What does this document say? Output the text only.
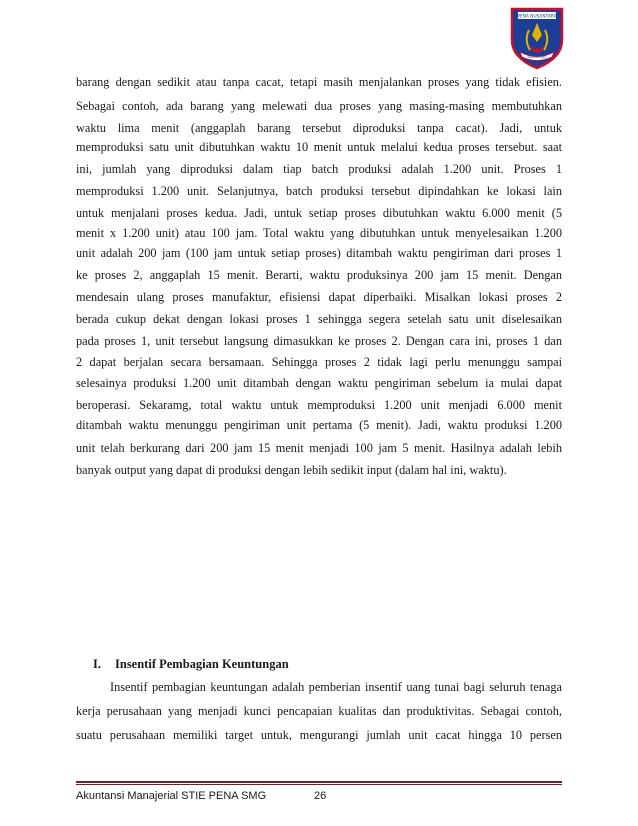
PENA NUSANTARA
SEMARANG
barang dengan sedikit atau tanpa cacat, tetapi masih menjalankan proses yang tidak efisien.
Sebagai contoh, ada barang yang melewati dua proses yang masing-masing membutuhkan
waktu lima menit (anggaplah barang tersebut diproduksi tanpa cacat). Jadi, untuk
memproduksi satu unit dibutuhkan waktu 10 menit untuk melalui kedua proses tersebut. saat
ini, jumlah yang diproduksi dalam tiap batch produksi adalah 1.200 unit. Proses 1
memproduksi 1.200 unit. Selanjutnya, batch produksi tersebut dipindahkan ke lokasi lain
untuk menjalani proses kedua. Jadi, untuk setiap proses dibutuhkan waktu 6.000 menit (5
menit x 1.200 unit) atau 100 jam. Total waktu yang dibutuhkan untuk menyelesaikan 1.200
unit adalah 200 jam (100 jam untuk setiap proses) ditambah waktu pengiriman dari proses 1
ke proses 2, anggaplah 15 menit. Berarti, waktu produksinya 200 jam 15 menit. Dengan
mendesain ulang proses manufaktur, efisiensi dapat diperbaiki. Misalkan lokasi proses 2
berada cukup dekat dengan lokasi proses 1 sehingga segera setelah satu unit diselesaikan
pada proses 1, unit tersebut langsung dimasukkan ke proses 2. Dengan cara ini, proses 1 dan
2 dapat berjalan secara bersamaan. Sehingga proses 2 tidak lagi perlu menunggu sampai
selesainya produksi 1.200 unit ditambah dengan waktu pengiriman sebelum ia mulai dapat
beroperasi. Sekaramg, total waktu untuk memproduksi 1.200 unit menjadi 6.000 menit
ditambah waktu menunggu pengiriman unit pertama (5 menit). Jadi, waktu produksi 1.200
unit telah berkurang dari 200 jam 15 menit menjadi 100 jam 5 menit. Hasilnya adalah lebih
banyak output yang dapat di produksi dengan lebih sedikit input (dalam hal ini, waktu).
I. Insentif Pembagian Keuntungan
Insentif pembagian keuntungan adalah pemberian insentif uang tunai bagi seluruh tenaga
kerja perusahaan yang menjadi kunci pencapaian kualitas dan produktivitas. Sebagai contoh,
suatu perusahaan memiliki target untuk, mengurangi jumlah unit cacat hingga 10 persen
Akuntansi Manajerial STIE PENA SMG	26
